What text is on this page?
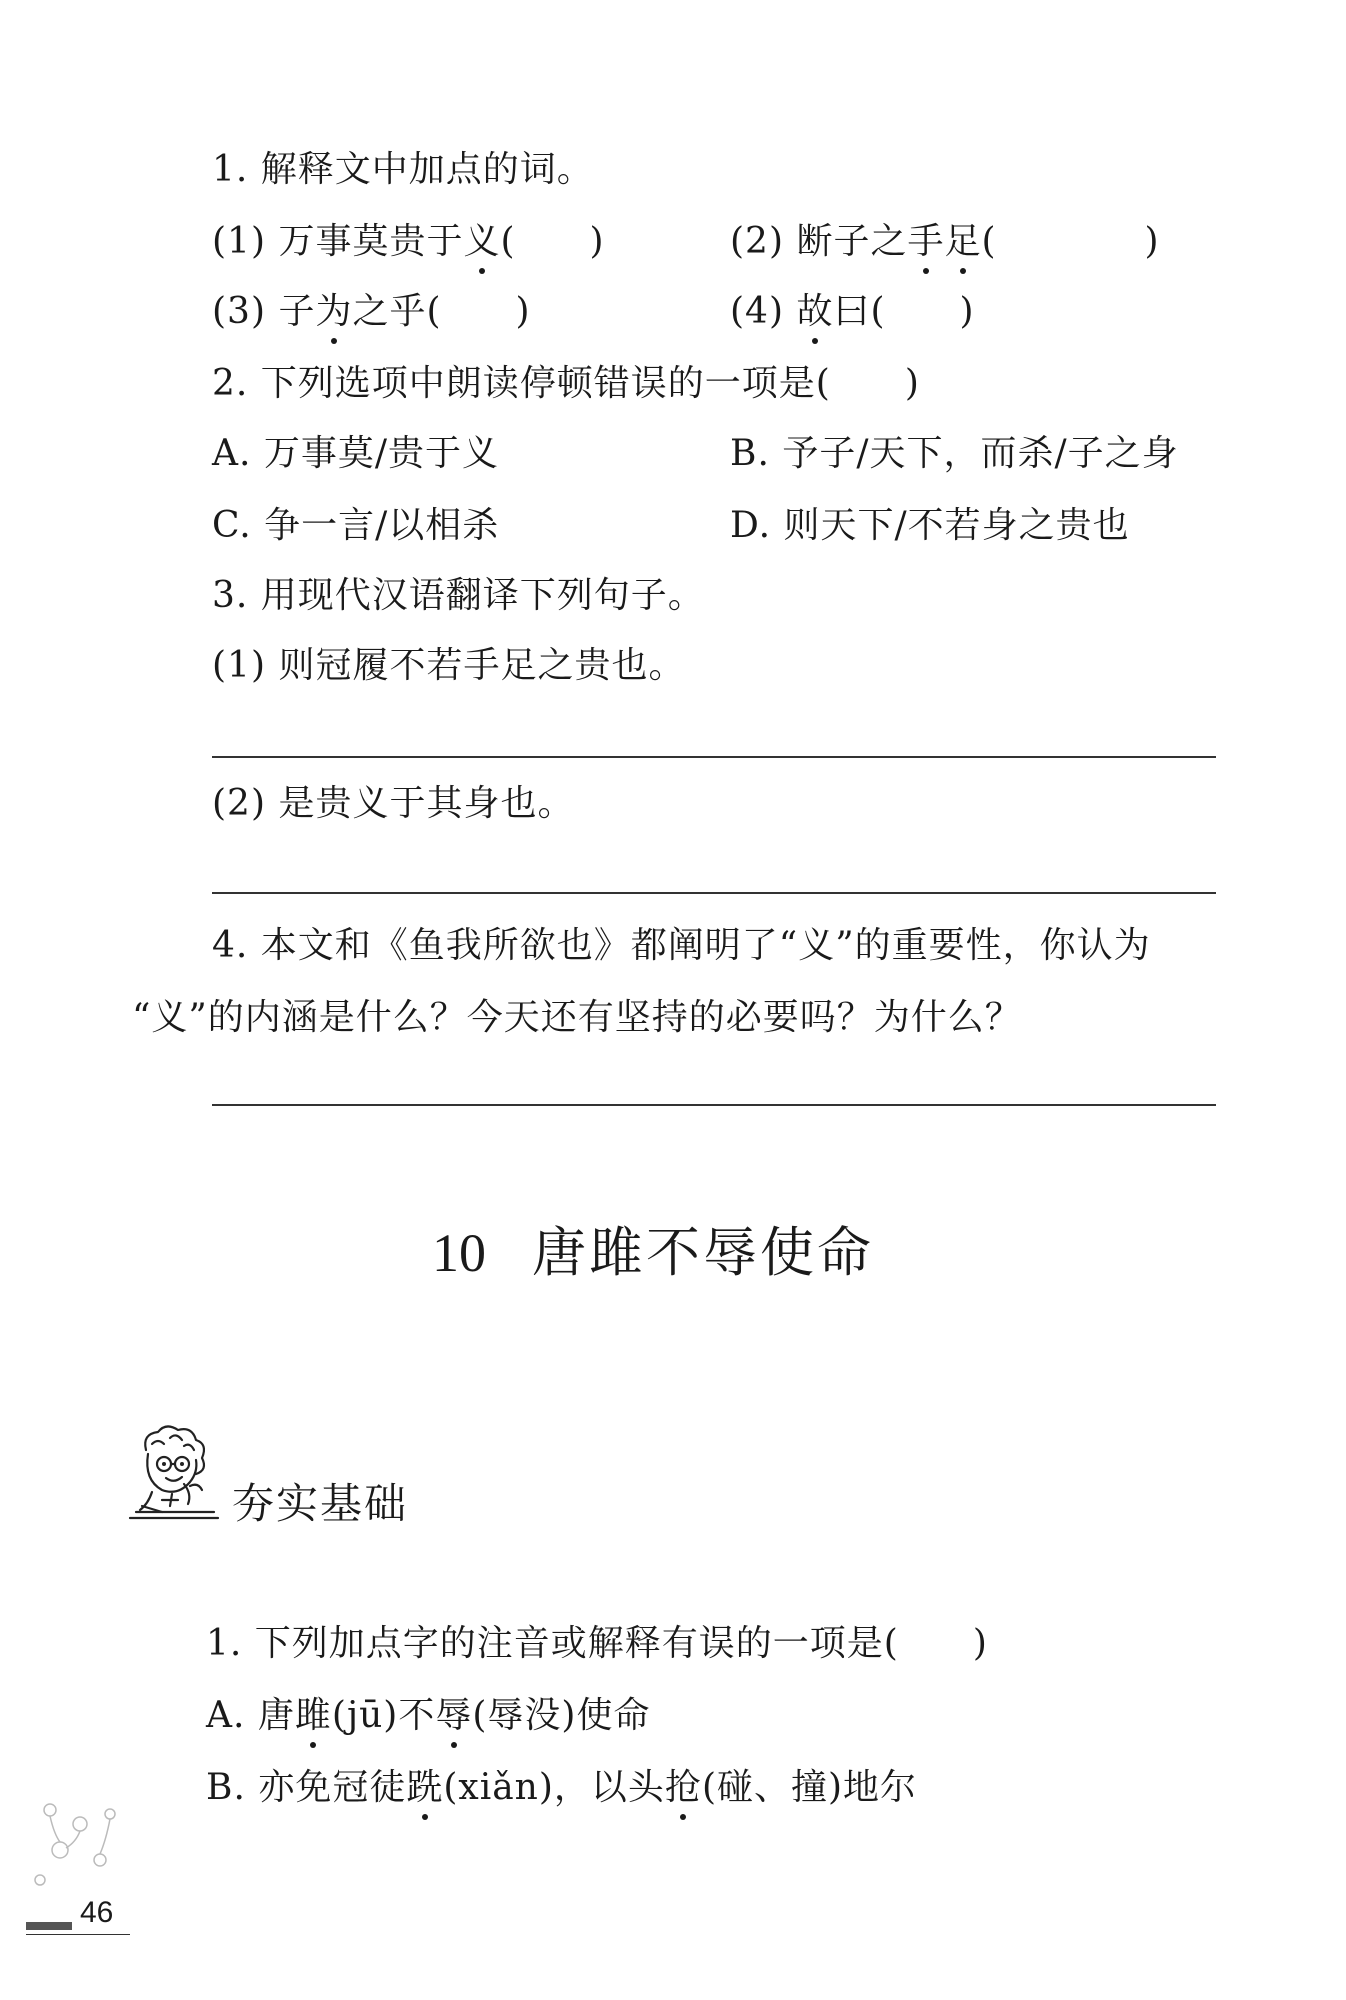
1. 解释文中加点的词。
(1) 万事莫贵于义(　　)	(2) 断子之手足(　　　　)
(3) 子为之乎(　　)	(4) 故曰(　　)
2. 下列选项中朗读停顿错误的一项是(　　)
A. 万事莫/贵于义	B. 予子/天下，而杀/子之身
C. 争一言/以相杀	D. 则天下/不若身之贵也
3. 用现代汉语翻译下列句子。
(1) 则冠履不若手足之贵也。
(2) 是贵义于其身也。
4. 本文和《鱼我所欲也》都阐明了“义”的重要性，你认为
“义”的内涵是什么？今天还有坚持的必要吗？为什么？
10 唐雎不辱使命
夯实基础
1. 下列加点字的注音或解释有误的一项是(　　)
A. 唐雎(jū)不辱(辱没)使命
B. 亦免冠徒跣(xiǎn)，以头抢(碰、撞)地尔
46
